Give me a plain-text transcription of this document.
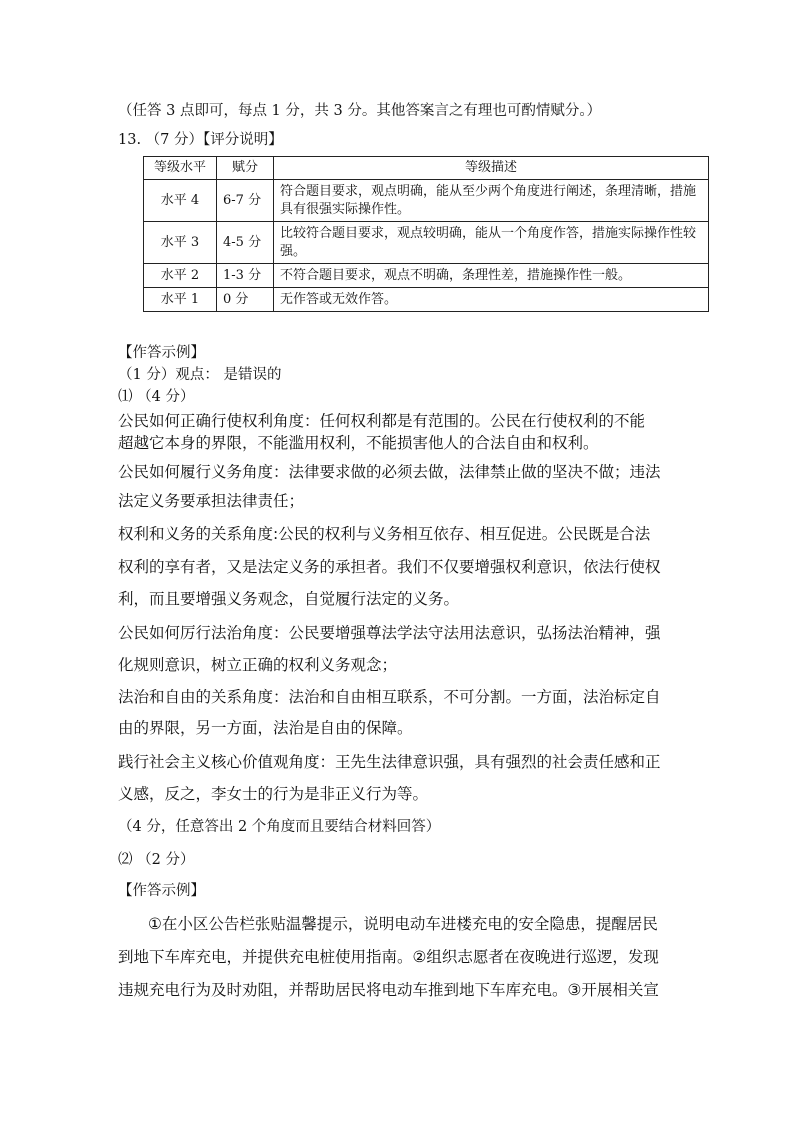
（任答 3 点即可，每点 1 分，共 3 分。其他答案言之有理也可酌情赋分。）
13. （7 分）【评分说明】
等级水平	赋分	等级描述
水平 4	6-7 分	符合题目要求，观点明确，能从至少两个角度进行阐述，条理清晰，措施具有很强实际操作性。
水平 3	4-5 分	比较符合题目要求，观点较明确，能从一个角度作答，措施实际操作性较强。
水平 2	1-3 分	不符合题目要求，观点不明确，条理性差，措施操作性一般。
水平 1	0 分	无作答或无效作答。
【作答示例】
（1 分）观点： 是错误的
⑴ （4 分）
公民如何正确行使权利角度：任何权利都是有范围的。公民在行使权利的不能
超越它本身的界限，不能滥用权利，不能损害他人的合法自由和权利。
公民如何履行义务角度：法律要求做的必须去做，法律禁止做的坚决不做；违法
法定义务要承担法律责任；
权利和义务的关系角度:公民的权利与义务相互依存、相互促进。公民既是合法
权利的享有者，又是法定义务的承担者。我们不仅要增强权利意识，依法行使权
利，而且要增强义务观念，自觉履行法定的义务。
公民如何厉行法治角度：公民要增强尊法学法守法用法意识，弘扬法治精神，强
化规则意识，树立正确的权利义务观念；
法治和自由的关系角度：法治和自由相互联系，不可分割。一方面，法治标定自
由的界限，另一方面，法治是自由的保障。
践行社会主义核心价值观角度：王先生法律意识强，具有强烈的社会责任感和正
义感，反之，李女士的行为是非正义行为等。
（4 分，任意答出 2 个角度而且要结合材料回答）
⑵ （2 分）
【作答示例】
①在小区公告栏张贴温馨提示，说明电动车进楼充电的安全隐患，提醒居民
到地下车库充电，并提供充电桩使用指南。②组织志愿者在夜晚进行巡逻，发现
违规充电行为及时劝阻，并帮助居民将电动车推到地下车库充电。③开展相关宣
